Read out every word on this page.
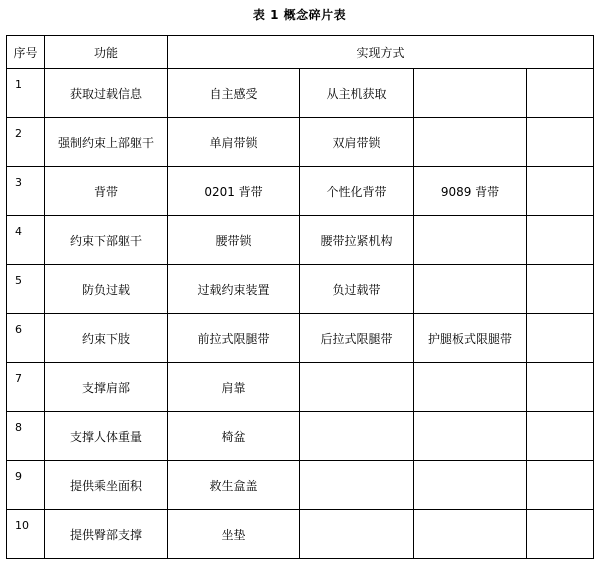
表 1 概念碎片表
序号	功能	实现方式			
1	获取过载信息	自主感受	从主机获取		
2	强制约束上部躯干	单肩带锁	双肩带锁		
3	背带	0201 背带	个性化背带	9089 背带	
4	约束下部躯干	腰带锁	腰带拉紧机构		
5	防负过载	过载约束装置	负过载带		
6	约束下肢	前拉式限腿带	后拉式限腿带	护腿板式限腿带	
7	支撑肩部	肩靠			
8	支撑人体重量	椅盆			
9	提供乘坐面积	救生盒盖			
10	提供臀部支撑	坐垫			
